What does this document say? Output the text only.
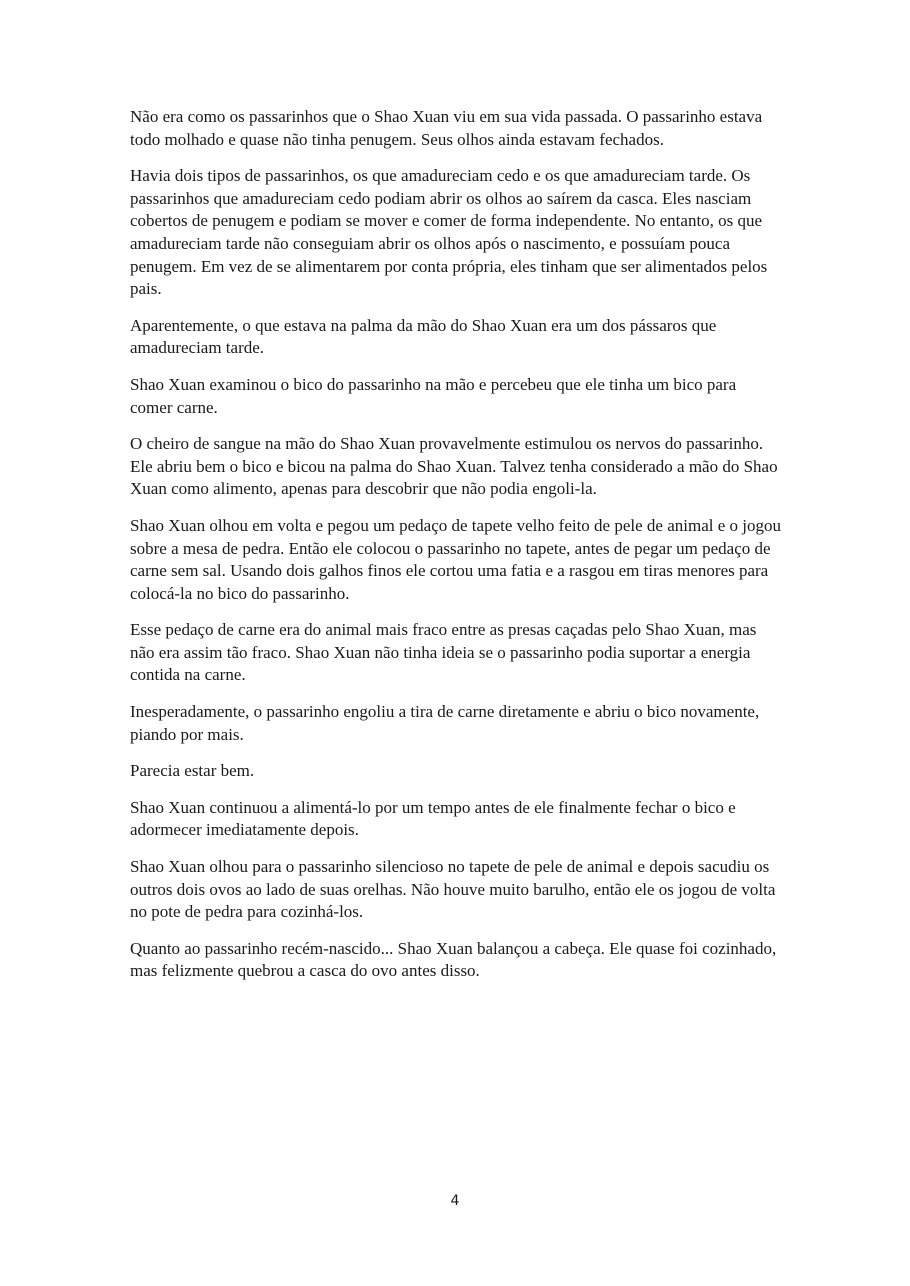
Não era como os passarinhos que o Shao Xuan viu em sua vida passada. O passarinho estava todo molhado e quase não tinha penugem. Seus olhos ainda estavam fechados.

Havia dois tipos de passarinhos, os que amadureciam cedo e os que amadureciam tarde. Os passarinhos que amadureciam cedo podiam abrir os olhos ao saírem da casca. Eles nasciam cobertos de penugem e podiam se mover e comer de forma independente. No entanto, os que amadureciam tarde não conseguiam abrir os olhos após o nascimento, e possuíam pouca penugem. Em vez de se alimentarem por conta própria, eles tinham que ser alimentados pelos pais.

Aparentemente, o que estava na palma da mão do Shao Xuan era um dos pássaros que amadureciam tarde.

Shao Xuan examinou o bico do passarinho na mão e percebeu que ele tinha um bico para comer carne.

O cheiro de sangue na mão do Shao Xuan provavelmente estimulou os nervos do passarinho. Ele abriu bem o bico e bicou na palma do Shao Xuan. Talvez tenha considerado a mão do Shao Xuan como alimento, apenas para descobrir que não podia engoli-la.

Shao Xuan olhou em volta e pegou um pedaço de tapete velho feito de pele de animal e o jogou sobre a mesa de pedra. Então ele colocou o passarinho no tapete, antes de pegar um pedaço de carne sem sal. Usando dois galhos finos ele cortou uma fatia e a rasgou em tiras menores para colocá-la no bico do passarinho.

Esse pedaço de carne era do animal mais fraco entre as presas caçadas pelo Shao Xuan, mas não era assim tão fraco. Shao Xuan não tinha ideia se o passarinho podia suportar a energia contida na carne.

Inesperadamente, o passarinho engoliu a tira de carne diretamente e abriu o bico novamente, piando por mais.

Parecia estar bem.

Shao Xuan continuou a alimentá-lo por um tempo antes de ele finalmente fechar o bico e adormecer imediatamente depois.

Shao Xuan olhou para o passarinho silencioso no tapete de pele de animal e depois sacudiu os outros dois ovos ao lado de suas orelhas. Não houve muito barulho, então ele os jogou de volta no pote de pedra para cozinhá-los.

Quanto ao passarinho recém-nascido... Shao Xuan balançou a cabeça. Ele quase foi cozinhado, mas felizmente quebrou a casca do ovo antes disso.

4
